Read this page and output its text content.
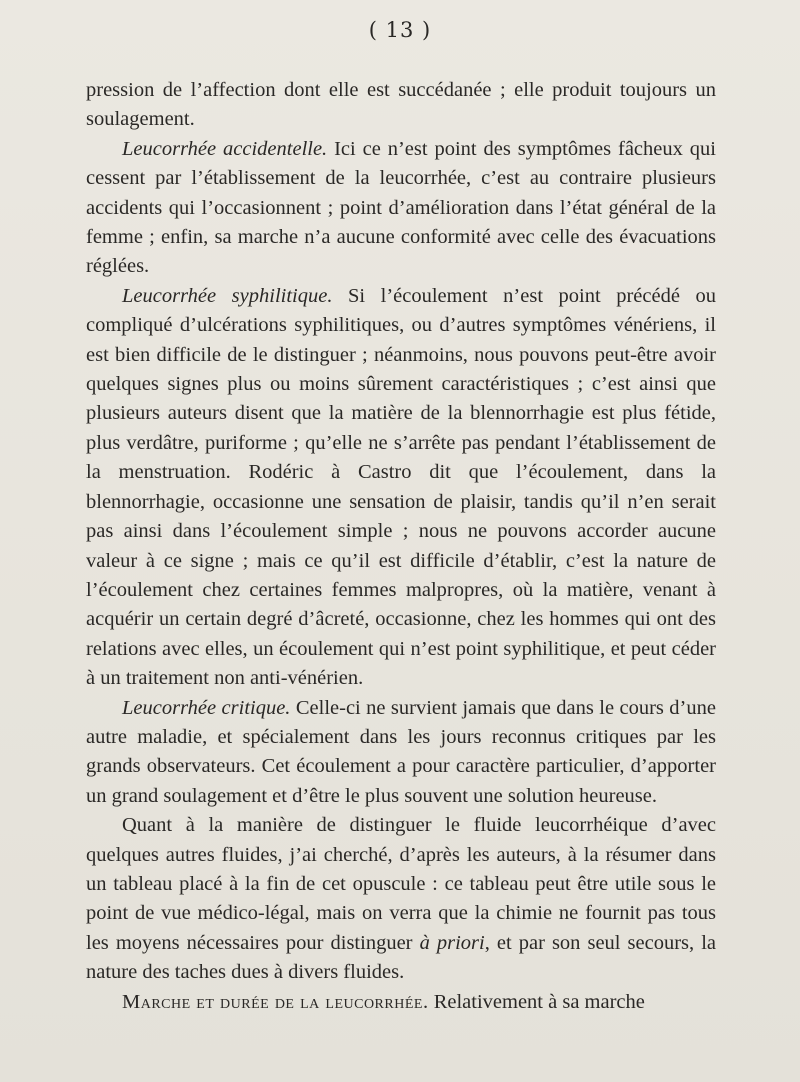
( 13 )

pression de l’affection dont elle est succédanée ; elle produit toujours un soulagement.

Leucorrhée accidentelle. Ici ce n’est point des symptômes fâcheux qui cessent par l’établissement de la leucorrhée, c’est au contraire plusieurs accidents qui l’occasionnent ; point d’amélioration dans l’état général de la femme ; enfin, sa marche n’a aucune conformité avec celle des évacuations réglées.

Leucorrhée syphilitique. Si l’écoulement n’est point précédé ou compliqué d’ulcérations syphilitiques, ou d’autres symptômes vénériens, il est bien difficile de le distinguer ; néanmoins, nous pouvons peut-être avoir quelques signes plus ou moins sûrement caractéristiques ; c’est ainsi que plusieurs auteurs disent que la matière de la blennorrhagie est plus fétide, plus verdâtre, puriforme ; qu’elle ne s’arrête pas pendant l’établissement de la menstruation. Rodéric à Castro dit que l’écoulement, dans la blennorrhagie, occasionne une sensation de plaisir, tandis qu’il n’en serait pas ainsi dans l’écoulement simple ; nous ne pouvons accorder aucune valeur à ce signe ; mais ce qu’il est difficile d’établir, c’est la nature de l’écoulement chez certaines femmes malpropres, où la matière, venant à acquérir un certain degré d’âcreté, occasionne, chez les hommes qui ont des relations avec elles, un écoulement qui n’est point syphilitique, et peut céder à un traitement non anti-vénérien.

Leucorrhée critique. Celle-ci ne survient jamais que dans le cours d’une autre maladie, et spécialement dans les jours reconnus critiques par les grands observateurs. Cet écoulement a pour caractère particulier, d’apporter un grand soulagement et d’être le plus souvent une solution heureuse.

Quant à la manière de distinguer le fluide leucorrhéique d’avec quelques autres fluides, j’ai cherché, d’après les auteurs, à la résumer dans un tableau placé à la fin de cet opuscule : ce tableau peut être utile sous le point de vue médico-légal, mais on verra que la chimie ne fournit pas tous les moyens nécessaires pour distinguer à priori, et par son seul secours, la nature des taches dues à divers fluides.

Marche et durée de la leucorrhée. Relativement à sa marche
